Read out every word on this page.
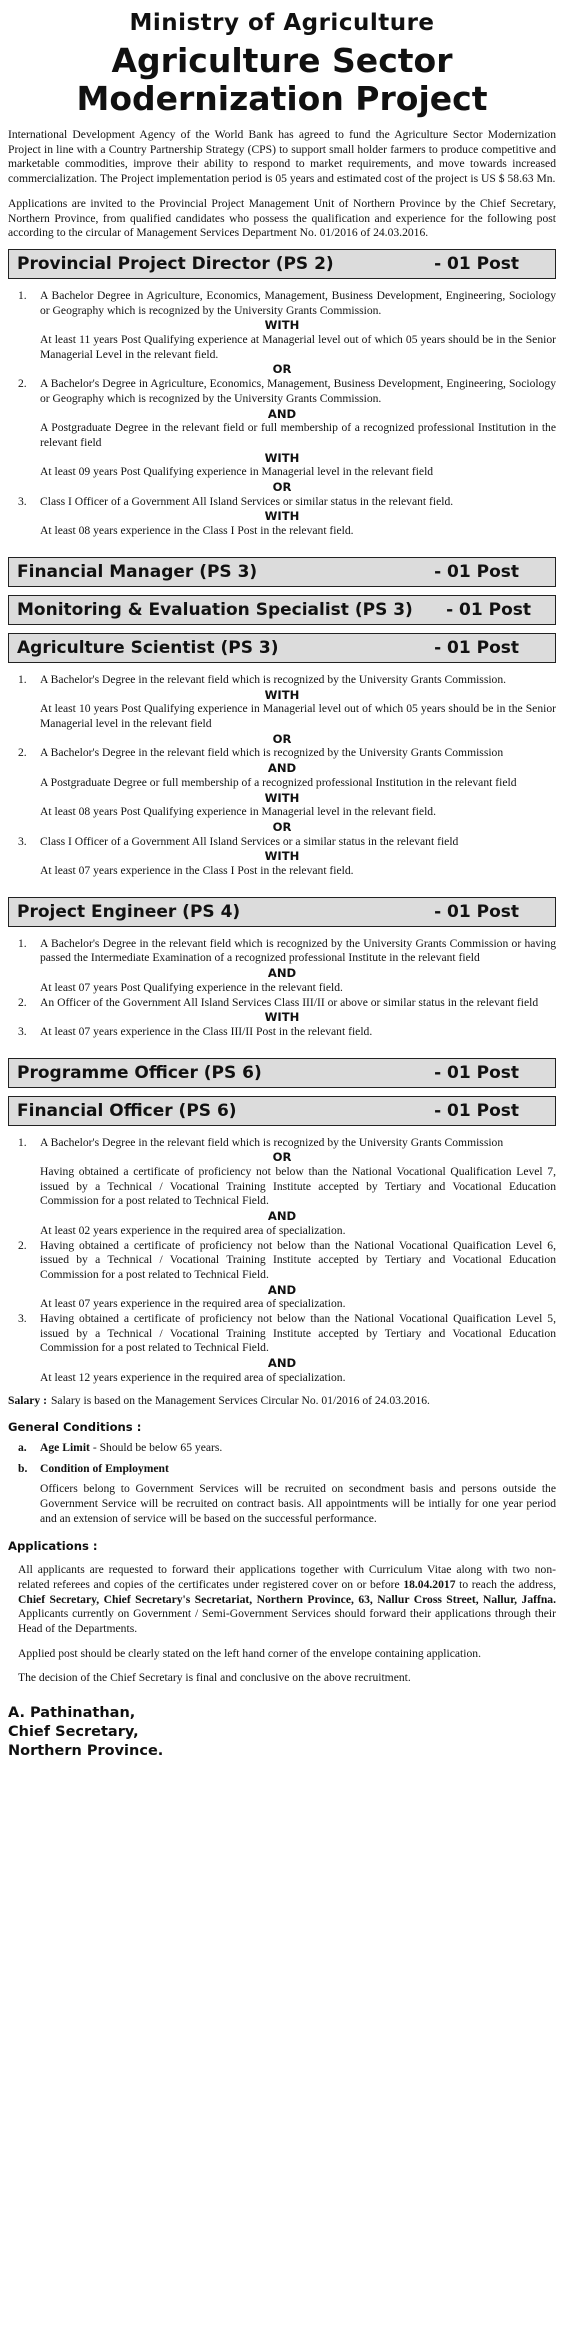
Ministry of Agriculture
Agriculture Sector
Modernization Project

International Development Agency of the World Bank has agreed to fund the Agriculture Sector Modernization Project in line with a Country Partnership Strategy (CPS) to support small holder farmers to produce competitive and marketable commodities, improve their ability to respond to market requirements, and move towards increased commercialization. The Project implementation period is 05 years and estimated cost of the project is US $ 58.63 Mn.

Applications are invited to the Provincial Project Management Unit of Northern Province by the Chief Secretary, Northern Province, from qualified candidates who possess the qualification and experience for the following post according to the circular of Management Services Department No. 01/2016 of 24.03.2016.

Provincial Project Director (PS 2)	- 01 Post
1. A Bachelor Degree in Agriculture, Economics, Management, Business Development, Engineering, Sociology or Geography which is recognized by the University Grants Commission.
WITH
At least 11 years Post Qualifying experience at Managerial level out of which 05 years should be in the Senior Managerial Level in the relevant field.
OR
2. A Bachelor's Degree in Agriculture, Economics, Management, Business Development, Engineering, Sociology or Geography which is recognized by the University Grants Commission.
AND
A Postgraduate Degree in the relevant field or full membership of a recognized professional Institution in the relevant field
WITH
At least 09 years Post Qualifying experience in Managerial level in the relevant field
OR
3. Class I Officer of a Government All Island Services or similar status in the relevant field.
WITH
At least 08 years experience in the Class I Post in the relevant field.
Financial Manager (PS 3)	- 01 Post
Monitoring & Evaluation Specialist (PS 3) - 01 Post
Agriculture Scientist (PS 3)	- 01 Post
1. A Bachelor's Degree in the relevant field which is recognized by the University Grants Commission.
WITH
At least 10 years Post Qualifying experience in Managerial level out of which 05 years should be in the Senior Managerial level in the relevant field
OR
2. A Bachelor's Degree in the relevant field which is recognized by the University Grants Commission
AND
A Postgraduate Degree or full membership of a recognized professional Institution in the relevant field
WITH
At least 08 years Post Qualifying experience in Managerial level in the relevant field.
OR
3. Class I Officer of a Government All Island Services or a similar status in the relevant field
WITH
At least 07 years experience in the Class I Post in the relevant field.
Project Engineer (PS 4)	- 01 Post
1. A Bachelor's Degree in the relevant field which is recognized by the University Grants Commission or having passed the Intermediate Examination of a recognized professional Institute in the relevant field
AND
At least 07 years Post Qualifying experience in the relevant field.
2. An Officer of the Government All Island Services Class III/II or above or similar status in the relevant field
WITH
3. At least 07 years experience in the Class III/II Post in the relevant field.
Programme Officer (PS 6)	- 01 Post
Financial Officer (PS 6)	- 01 Post
1. A Bachelor's Degree in the relevant field which is recognized by the University Grants Commission
OR
Having obtained a certificate of proficiency not below than the National Vocational Qualification Level 7, issued by a Technical / Vocational Training Institute accepted by Tertiary and Vocational Education Commission for a post related to Technical Field.
AND
At least 02 years experience in the required area of specialization.
2. Having obtained a certificate of proficiency not below than the National Vocational Quaification Level 6, issued by a Technical / Vocational Training Institute accepted by Tertiary and Vocational Education Commission for a post related to Technical Field.
AND
At least 07 years experience in the required area of specialization.
3. Having obtained a certificate of proficiency not below than the National Vocational Quaification Level 5, issued by a Technical / Vocational Training Institute accepted by Tertiary and Vocational Education Commission for a post related to Technical Field.
AND
At least 12 years experience in the required area of specialization.
Salary : Salary is based on the Management Services Circular No. 01/2016 of 24.03.2016.
General Conditions :
a. Age Limit - Should be below 65 years.
b. Condition of Employment
Officers belong to Government Services will be recruited on secondment basis and persons outside the Government Service will be recruited on contract basis. All appointments will be intially for one year period and an extension of service will be based on the successful performance.
Applications :
All applicants are requested to forward their applications together with Curriculum Vitae along with two non-related referees and copies of the certificates under registered cover on or before 18.04.2017 to reach the address, Chief Secretary, Chief Secretary's Secretariat, Northern Province, 63, Nallur Cross Street, Nallur, Jaffna. Applicants currently on Government / Semi-Government Services should forward their applications through their Head of the Departments.
Applied post should be clearly stated on the left hand corner of the envelope containing application.
The decision of the Chief Secretary is final and conclusive on the above recruitment.
A. Pathinathan,
Chief Secretary,
Northern Province.
